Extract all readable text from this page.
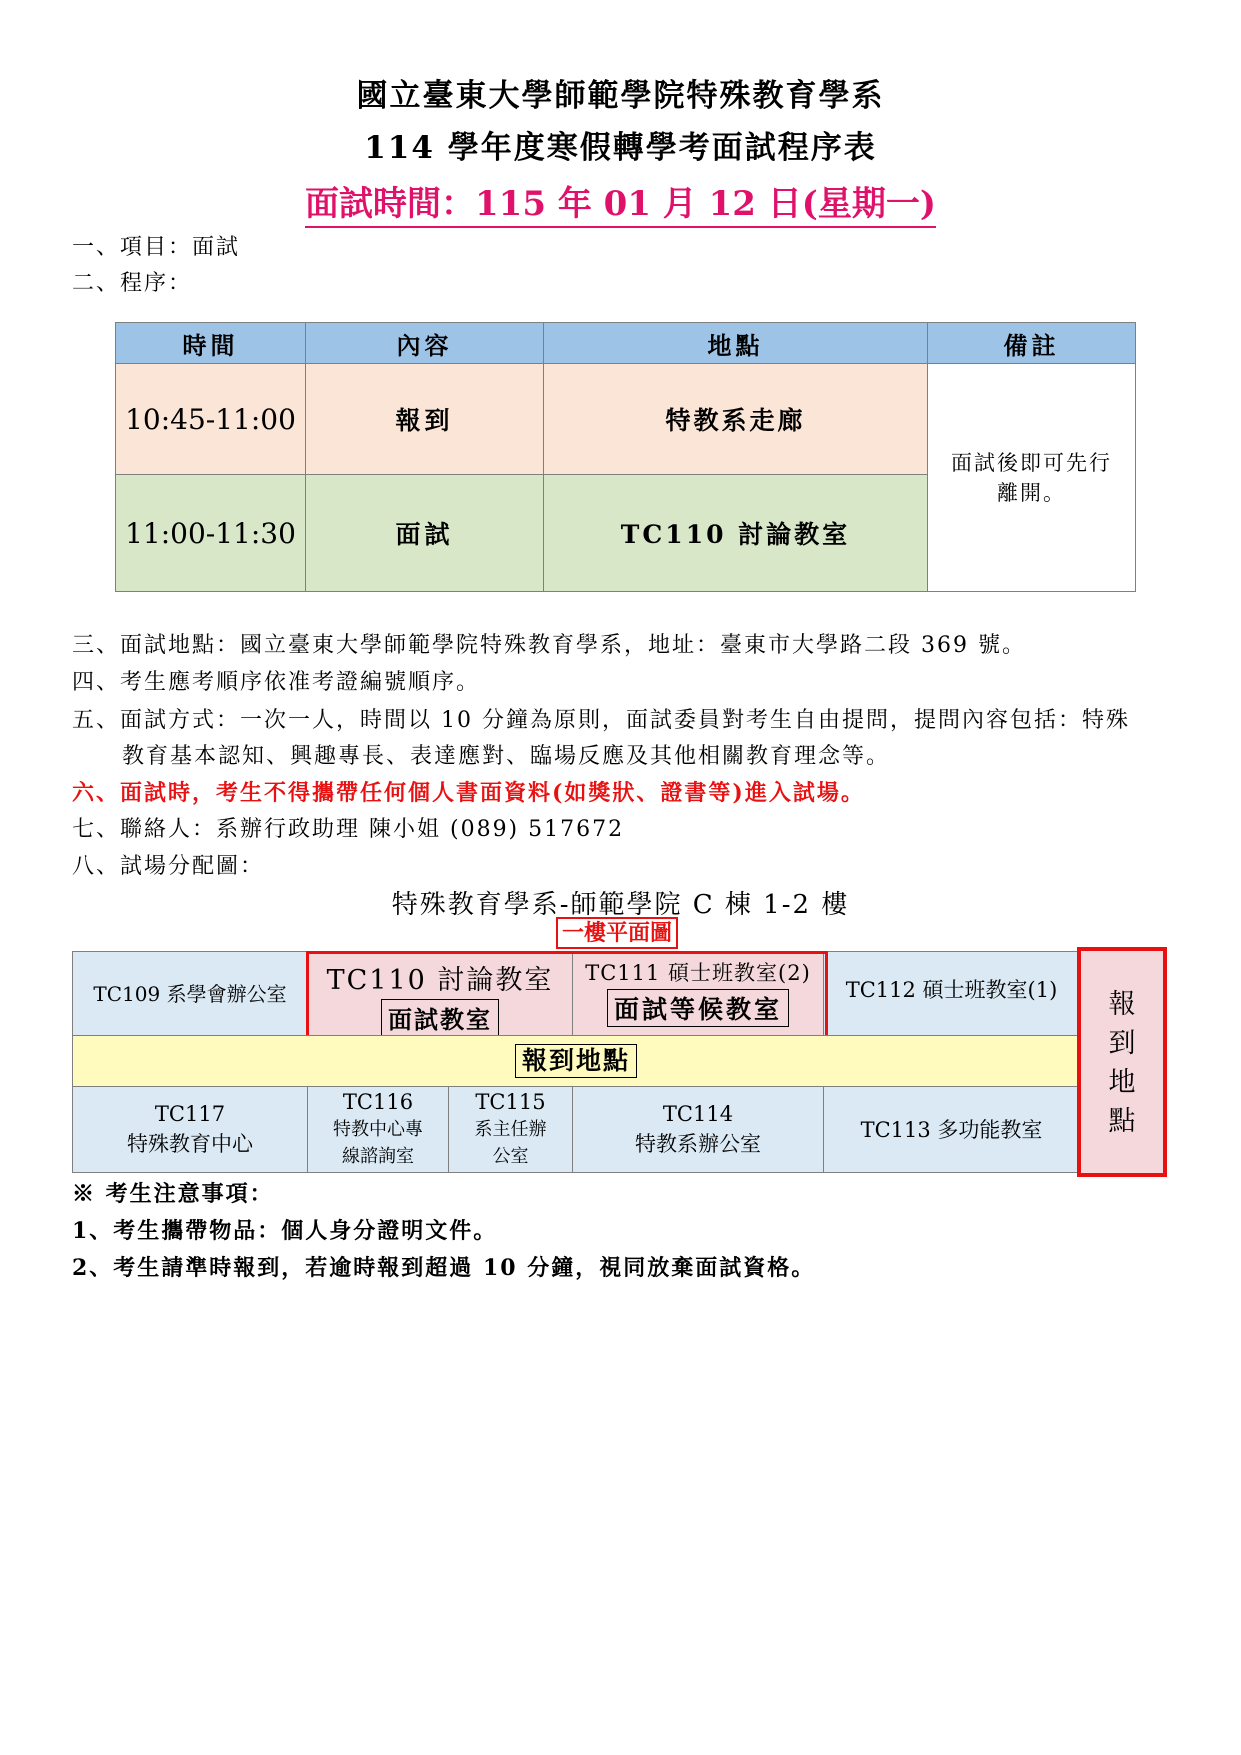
國立臺東大學師範學院特殊教育學系
114 學年度寒假轉學考面試程序表
面試時間：115 年 01 月 12 日(星期一)
一、項目：面試
二、程序：
時間	內容	地點	備註
10:45-11:00	報到	特教系走廊	面試後即可先行
離開。

11:00-11:30	面試	TC110 討論教室	
三、面試地點：國立臺東大學師範學院特殊教育學系，地址：臺東市大學路二段 369 號。
四、考生應考順序依准考證編號順序。
五、面試方式：一次一人，時間以 10 分鐘為原則，面試委員對考生自由提問，提問內容包括：特殊
教育基本認知、興趣專長、表達應對、臨場反應及其他相關教育理念等。
六、面試時，考生不得攜帶任何個人書面資料(如獎狀、證書等)進入試場。
七、聯絡人：系辦行政助理 陳小姐 (089) 517672
八、試場分配圖：
特殊教育學系-師範學院 C 棟 1-2 樓
一樓平面圖
TC109 系學會辦公室	TC110 討論教室
面試教室
TC111 碩士班教室(2)
面試等候教室
TC112 碩士班教室(1)
報到地點
TC117
特殊教育中心
TC116
特教中心專
線諮詢室
TC115
系主任辦
公室
TC114
特教系辦公室
TC113 多功能教室
報
到
地
點
※ 考生注意事項：
1、考生攜帶物品：個人身分證明文件。
2、考生請準時報到，若逾時報到超過 10 分鐘，視同放棄面試資格。
